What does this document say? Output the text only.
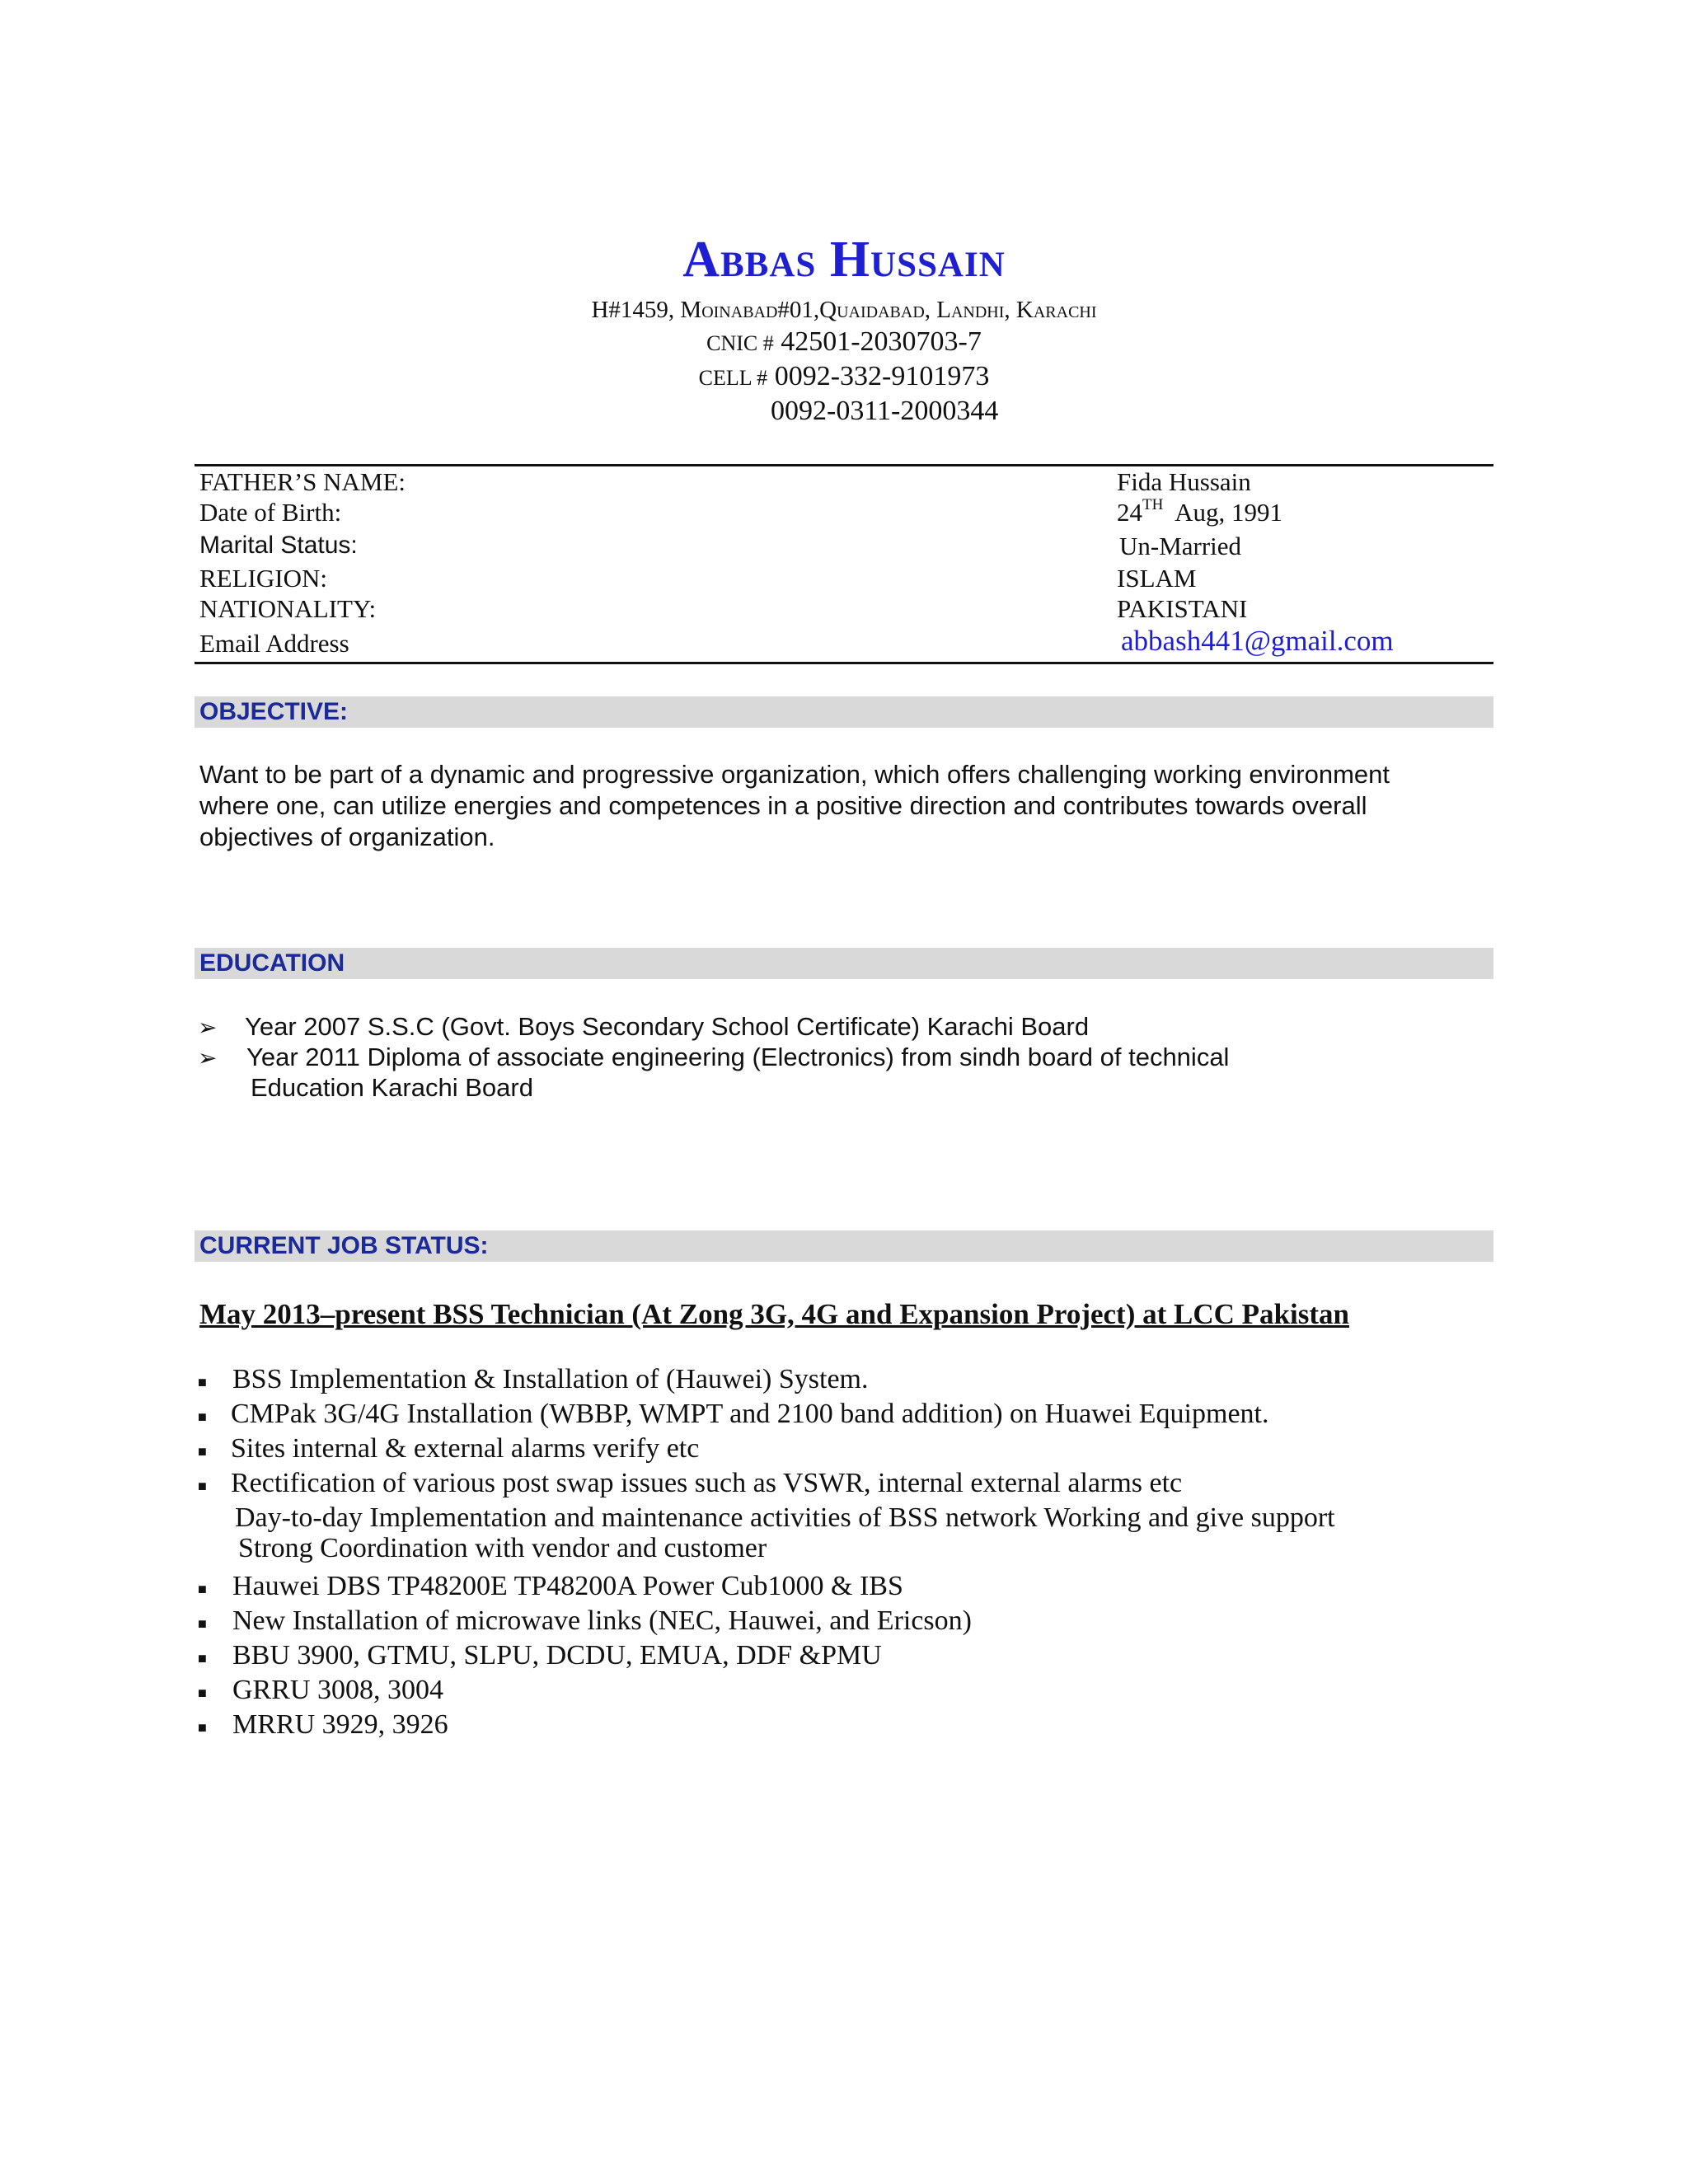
Abbas Hussain
H#1459, Moinabad#01,Quaidabad, Landhi, Karachi
CNIC # 42501-2030703-7
CELL # 0092-332-9101973
0092-0311-2000344
FATHER’S NAME:	Fida Hussain
Date of Birth:	24TH Aug, 1991
Marital Status:	Un-Married
RELIGION:	ISLAM
NATIONALITY:	PAKISTANI
Email Address	abbash441@gmail.com
OBJECTIVE:
Want to be part of a dynamic and progressive organization, which offers challenging working environment
where one, can utilize energies and competences in a positive direction and contributes towards overall
objectives of organization.
EDUCATION
➢ Year 2007 S.S.C (Govt. Boys Secondary School Certificate) Karachi Board
➢ Year 2011 Diploma of associate engineering (Electronics) from sindh board of technical
Education Karachi Board
CURRENT JOB STATUS:
May 2013–present BSS Technician (At Zong 3G, 4G and Expansion Project) at LCC Pakistan
■ BSS Implementation & Installation of (Hauwei) System.
■ CMPak 3G/4G Installation (WBBP, WMPT and 2100 band addition) on Huawei Equipment.
■ Sites internal & external alarms verify etc
■ Rectification of various post swap issues such as VSWR, internal external alarms etc
Day-to-day Implementation and maintenance activities of BSS network Working and give support
Strong Coordination with vendor and customer
■ Hauwei DBS TP48200E TP48200A Power Cub1000 & IBS
■ New Installation of microwave links (NEC, Hauwei, and Ericson)
■ BBU 3900, GTMU, SLPU, DCDU, EMUA, DDF &PMU
■ GRRU 3008, 3004
■ MRRU 3929, 3926
